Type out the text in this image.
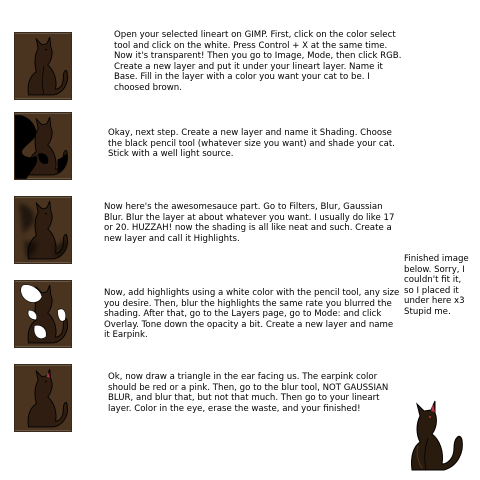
Open your selected lineart on GIMP. First, click on the color select tool and click on the white. Press Control + X at the same time. Now it's transparent! Then you go to Image, Mode, then click RGB. Create a new layer and put it under your lineart layer. Name it Base. Fill in the layer with a color you want your cat to be. I choosed brown.
Okay, next step. Create a new layer and name it Shading. Choose the black pencil tool (whatever size you want) and shade your cat. Stick with a well light source.
Now here's the awesomesauce part. Go to Filters, Blur, Gaussian Blur. Blur the layer at about whatever you want. I usually do like 17 or 20. HUZZAH! now the shading is all like neat and such. Create a new layer and call it Highlights.
Now, add highlights using a white color with the pencil tool, any size you desire. Then, blur the highlights the same rate you blurred the shading. After that, go to the Layers page, go to Mode: and click Overlay. Tone down the opacity a bit. Create a new layer and name it Earpink.
Ok, now draw a triangle in the ear facing us. The earpink color should be red or a pink. Then, go to the blur tool, NOT GAUSSIAN BLUR, and blur that, but not that much. Then go to your lineart layer. Color in the eye, erase the waste, and your finished!
Finished image below. Sorry, I couldn't fit it, so I placed it under here x3 Stupid me.
